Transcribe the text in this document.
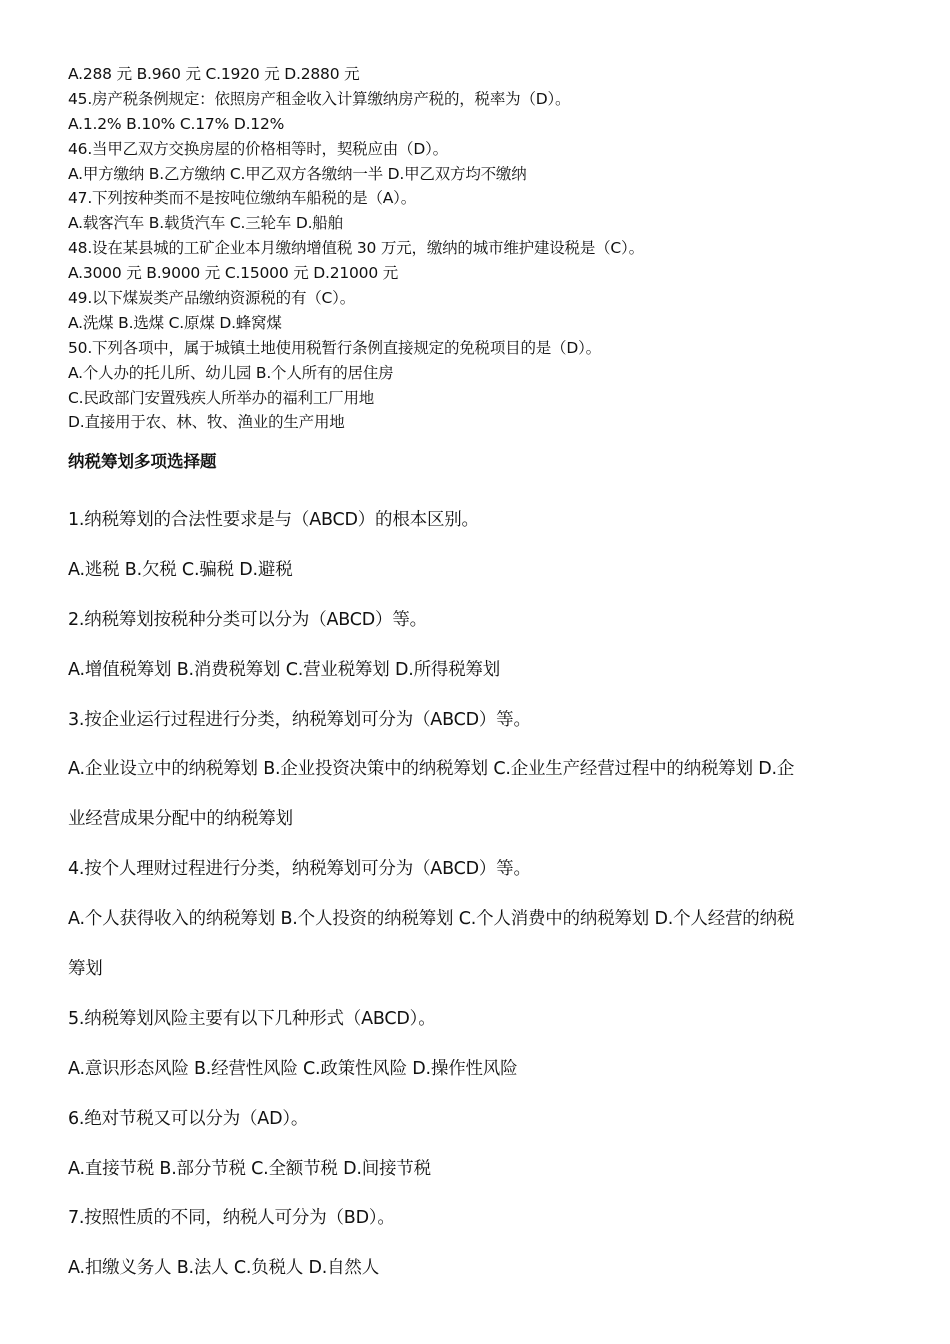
A.288 元 B.960 元 C.1920 元 D.2880 元
45.房产税条例规定：依照房产租金收入计算缴纳房产税的，税率为（D）。
A.1.2% B.10% C.17% D.12%
46.当甲乙双方交换房屋的价格相等时，契税应由（D）。
A.甲方缴纳 B.乙方缴纳 C.甲乙双方各缴纳一半 D.甲乙双方均不缴纳
47.下列按种类而不是按吨位缴纳车船税的是（A）。
A.载客汽车 B.载货汽车 C.三轮车 D.船舶
48.设在某县城的工矿企业本月缴纳增值税 30 万元，缴纳的城市维护建设税是（C）。
A.3000 元 B.9000 元 C.15000 元 D.21000 元
49.以下煤炭类产品缴纳资源税的有（C）。
A.洗煤 B.选煤 C.原煤 D.蜂窝煤
50.下列各项中，属于城镇土地使用税暂行条例直接规定的免税项目的是（D）。
A.个人办的托儿所、幼儿园 B.个人所有的居住房
C.民政部门安置残疾人所举办的福利工厂用地
D.直接用于农、林、牧、渔业的生产用地
纳税筹划多项选择题
1.纳税筹划的合法性要求是与（ABCD）的根本区别。
A.逃税 B.欠税 C.骗税 D.避税
2.纳税筹划按税种分类可以分为（ABCD）等。
A.增值税筹划 B.消费税筹划 C.营业税筹划 D.所得税筹划
3.按企业运行过程进行分类，纳税筹划可分为（ABCD）等。
A.企业设立中的纳税筹划 B.企业投资决策中的纳税筹划 C.企业生产经营过程中的纳税筹划 D.企
业经营成果分配中的纳税筹划
4.按个人理财过程进行分类，纳税筹划可分为（ABCD）等。
A.个人获得收入的纳税筹划 B.个人投资的纳税筹划 C.个人消费中的纳税筹划 D.个人经营的纳税
筹划
5.纳税筹划风险主要有以下几种形式（ABCD）。
A.意识形态风险 B.经营性风险 C.政策性风险 D.操作性风险
6.绝对节税又可以分为（AD）。
A.直接节税 B.部分节税 C.全额节税 D.间接节税
7.按照性质的不同，纳税人可分为（BD）。
A.扣缴义务人 B.法人 C.负税人 D.自然人
